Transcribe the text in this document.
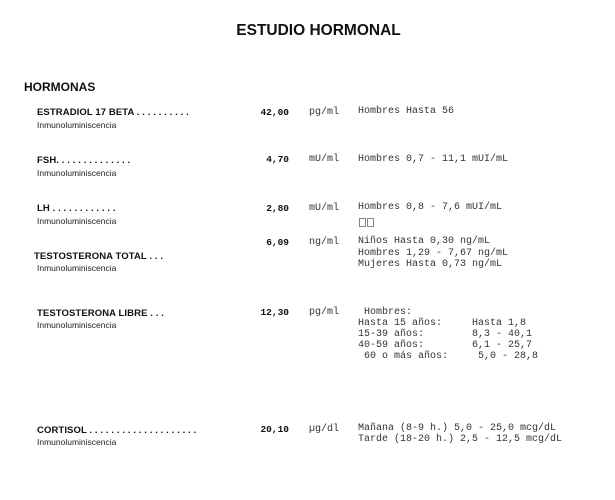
ESTUDIO HORMONAL
HORMONAS
ESTRADIOL 17 BETA . . . . . . . . . .
Inmunoluminiscencia
42,00 pg/ml Hombres Hasta 56
FSH. . . . . . . . . . . . . .
Inmunoluminiscencia
4,70 mU/ml Hombres 0,7 - 11,1 mUI/mL
LH . . . . . . . . . . . .
Inmunoluminiscencia
2,80 mU/ml Hombres 0,8 - 7,6 mUI/mL
TESTOSTERONA TOTAL . . .
Inmunoluminiscencia
6,09 ng/ml Niños Hasta 0,30 ng/mL
Hombres 1,29 - 7,67 ng/mL
Mujeres Hasta 0,73 ng/mL
TESTOSTERONA LIBRE . . .
Inmunoluminiscencia
12,30 pg/ml Hombres:
Hasta 15 años:     Hasta 1,8
15-39 años:        8,3 - 40,1
40-59 años:        6,1 - 25,7
60 o más años:     5,0 - 28,8
CORTISOL . . . . . . . . . . . . . . . . . . . .
Inmunoluminiscencia
20,10 µg/dl Mañana (8-9 h.) 5,0 - 25,0 mcg/dL
Tarde (18-20 h.) 2,5 - 12,5 mcg/dL
